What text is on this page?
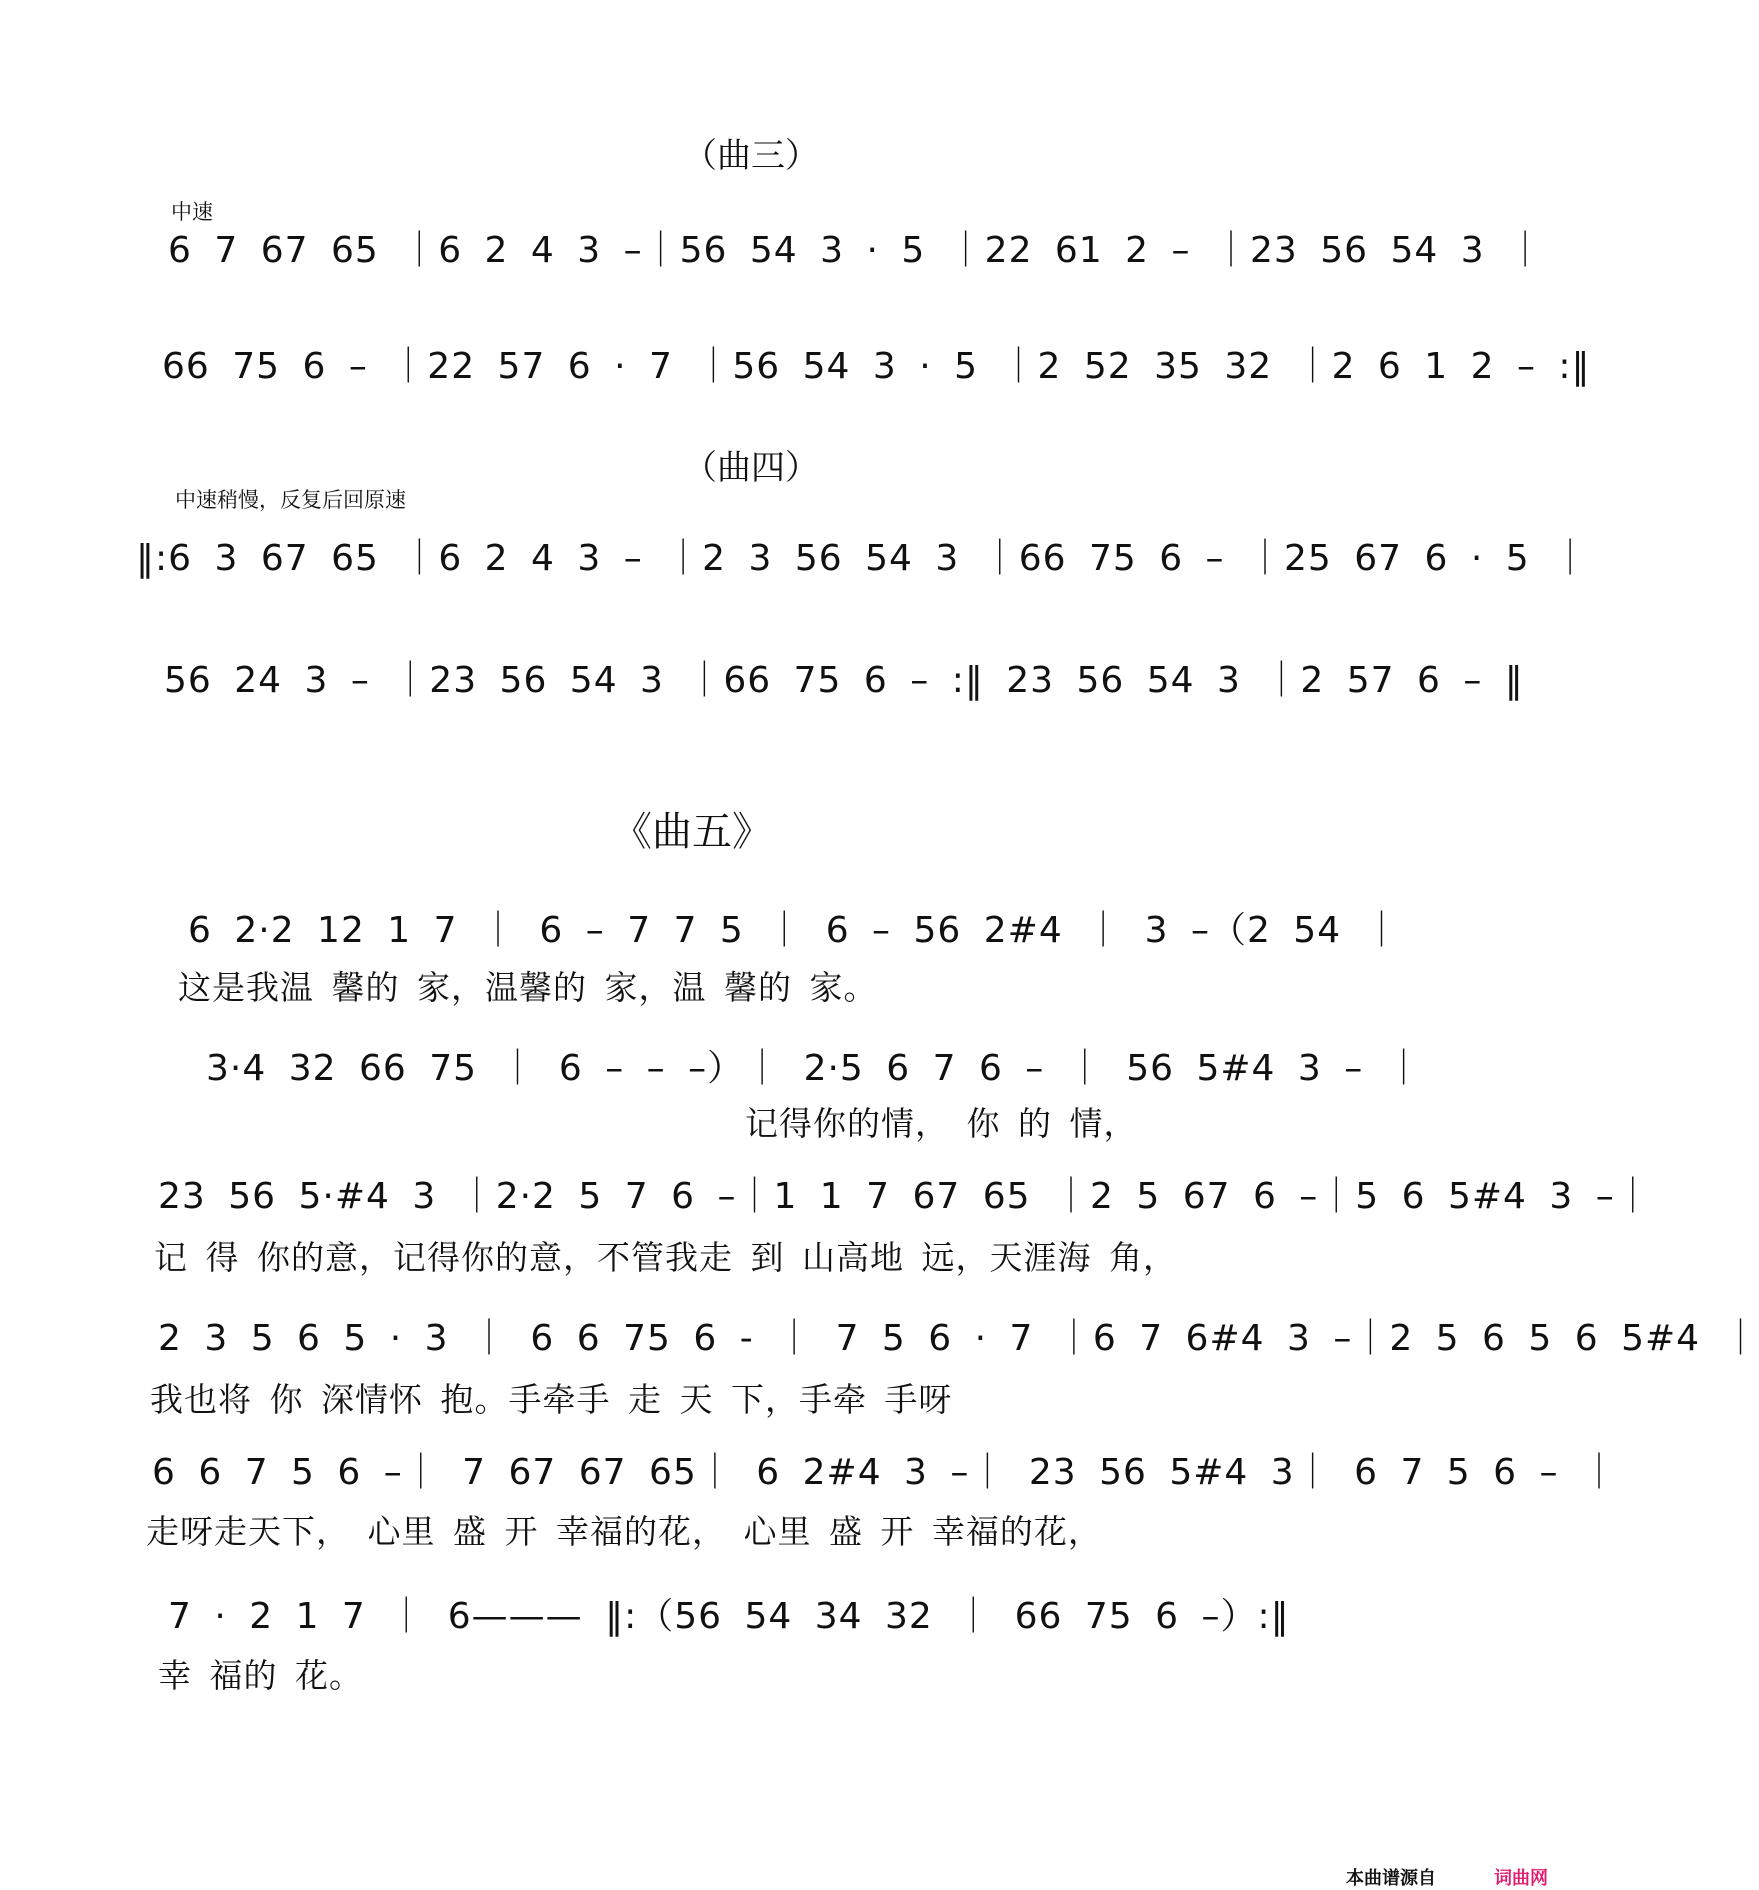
（曲三）
中速
6 7 67 65 ｜6 2 4 3 –｜56 54 3 · 5 ｜22 61 2 – ｜23 56 54 3 ｜
66 75 6 – ｜22 57 6 · 7 ｜56 54 3 · 5 ｜2 52 35 32 ｜2 6 1 2 – :‖
（曲四）
中速稍慢，反复后回原速
‖:6 3 67 65 ｜6 2 4 3 – ｜2 3 56 54 3 ｜66 75 6 – ｜25 67 6 · 5 ｜
56 24 3 – ｜23 56 54 3 ｜66 75 6 – :‖ 23 56 54 3 ｜2 57 6 – ‖
《曲五》
6 2·2 12 1 7 ｜ 6 – 7 7 5 ｜ 6 – 56 2#4 ｜ 3 –（2 54 ｜
这是我温 馨的 家，温馨的 家，温 馨的 家。
3·4 32 66 75 ｜ 6 – – –）｜ 2·5 6 7 6 – ｜ 56 5#4 3 – ｜
记得你的情， 你 的 情，
23 56 5·#4 3 ｜2·2 5 7 6 –｜1 1 7 67 65 ｜2 5 67 6 –｜5 6 5#4 3 –｜
记 得 你的意，记得你的意，不管我走 到 山高地 远，天涯海 角，
2 3 5 6 5 · 3 ｜ 6 6 75 6 - ｜ 7 5 6 · 7 ｜6 7 6#4 3 –｜2 5 6 5 6 5#4 ｜
我也将 你 深情怀 抱。手牵手 走 天 下，手牵 手呀
6 6 7 5 6 –｜ 7 67 67 65｜ 6 2#4 3 –｜ 23 56 5#4 3｜ 6 7 5 6 – ｜
走呀走天下， 心里 盛 开 幸福的花， 心里 盛 开 幸福的花，
7 · 2 1 7 ｜ 6——— ‖:（56 54 34 32 ｜ 66 75 6 –）:‖
幸 福的 花。
本曲谱源自	词曲网
